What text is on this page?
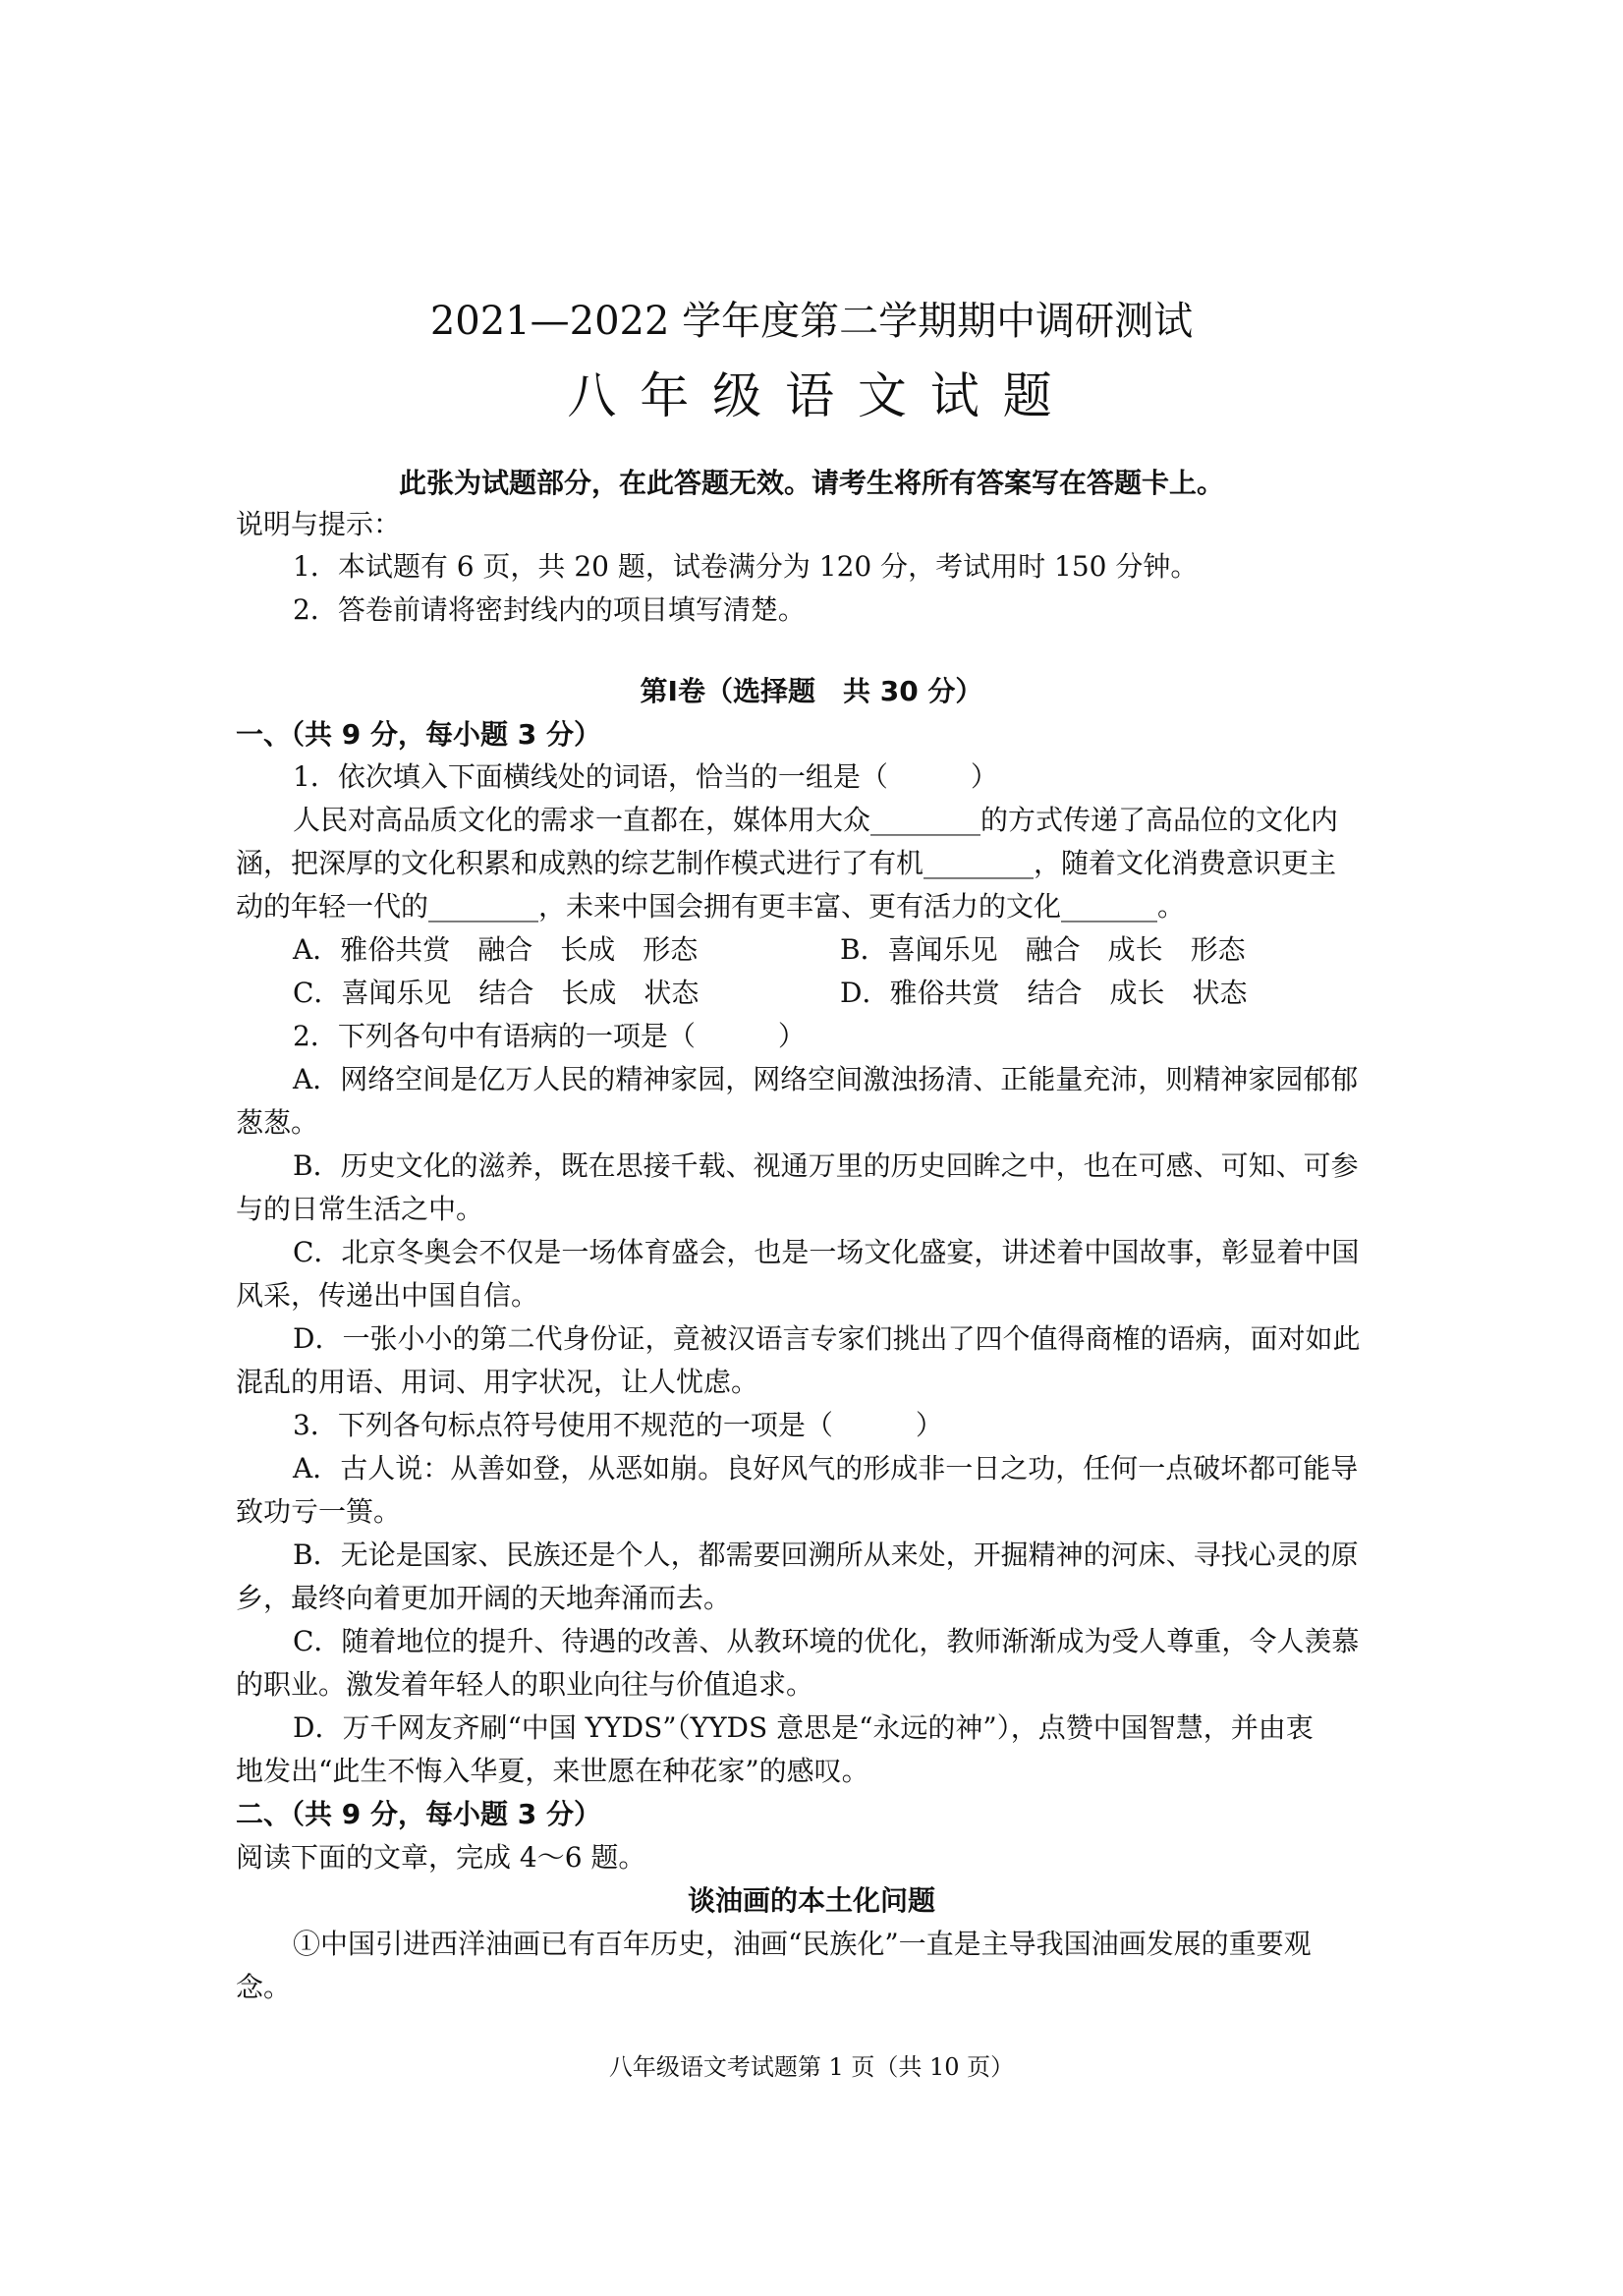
2021—2022 学年度第二学期期中调研测试
八 年 级 语 文 试 题
此张为试题部分，在此答题无效。请考生将所有答案写在答题卡上。
说明与提示：
1．本试题有 6 页，共 20 题，试卷满分为 120 分，考试用时 150 分钟。
2．答卷前请将密封线内的项目填写清楚。
第Ⅰ卷（选择题　共 30 分）
一、（共 9 分，每小题 3 分）
1．依次填入下面横线处的词语，恰当的一组是（　　　）
人民对高品质文化的需求一直都在，媒体用大众________的方式传递了高品位的文化内
涵，把深厚的文化积累和成熟的综艺制作模式进行了有机________，随着文化消费意识更主
动的年轻一代的________，未来中国会拥有更丰富、更有活力的文化_______。
A．雅俗共赏　融合　长成　形态	B．喜闻乐见　融合　成长　形态
C．喜闻乐见　结合　长成　状态	D．雅俗共赏　结合　成长　状态
2．下列各句中有语病的一项是（　　　）
A．网络空间是亿万人民的精神家园，网络空间激浊扬清、正能量充沛，则精神家园郁郁
葱葱。
B．历史文化的滋养，既在思接千载、视通万里的历史回眸之中，也在可感、可知、可参
与的日常生活之中。
C．北京冬奥会不仅是一场体育盛会，也是一场文化盛宴，讲述着中国故事，彰显着中国
风采，传递出中国自信。
D．一张小小的第二代身份证，竟被汉语言专家们挑出了四个值得商榷的语病，面对如此
混乱的用语、用词、用字状况，让人忧虑。
3．下列各句标点符号使用不规范的一项是（　　　）
A．古人说：从善如登，从恶如崩。良好风气的形成非一日之功，任何一点破坏都可能导
致功亏一篑。
B．无论是国家、民族还是个人，都需要回溯所从来处，开掘精神的河床、寻找心灵的原
乡，最终向着更加开阔的天地奔涌而去。
C．随着地位的提升、待遇的改善、从教环境的优化，教师渐渐成为受人尊重，令人羡慕
的职业。激发着年轻人的职业向往与价值追求。
D．万千网友齐刷“中国 YYDS”（YYDS 意思是“永远的神”），点赞中国智慧，并由衷
地发出“此生不悔入华夏，来世愿在种花家”的感叹。
二、（共 9 分，每小题 3 分）
阅读下面的文章，完成 4～6 题。
谈油画的本土化问题
①中国引进西洋油画已有百年历史，油画“民族化”一直是主导我国油画发展的重要观
念。
八年级语文考试题第 1 页（共 10 页）
